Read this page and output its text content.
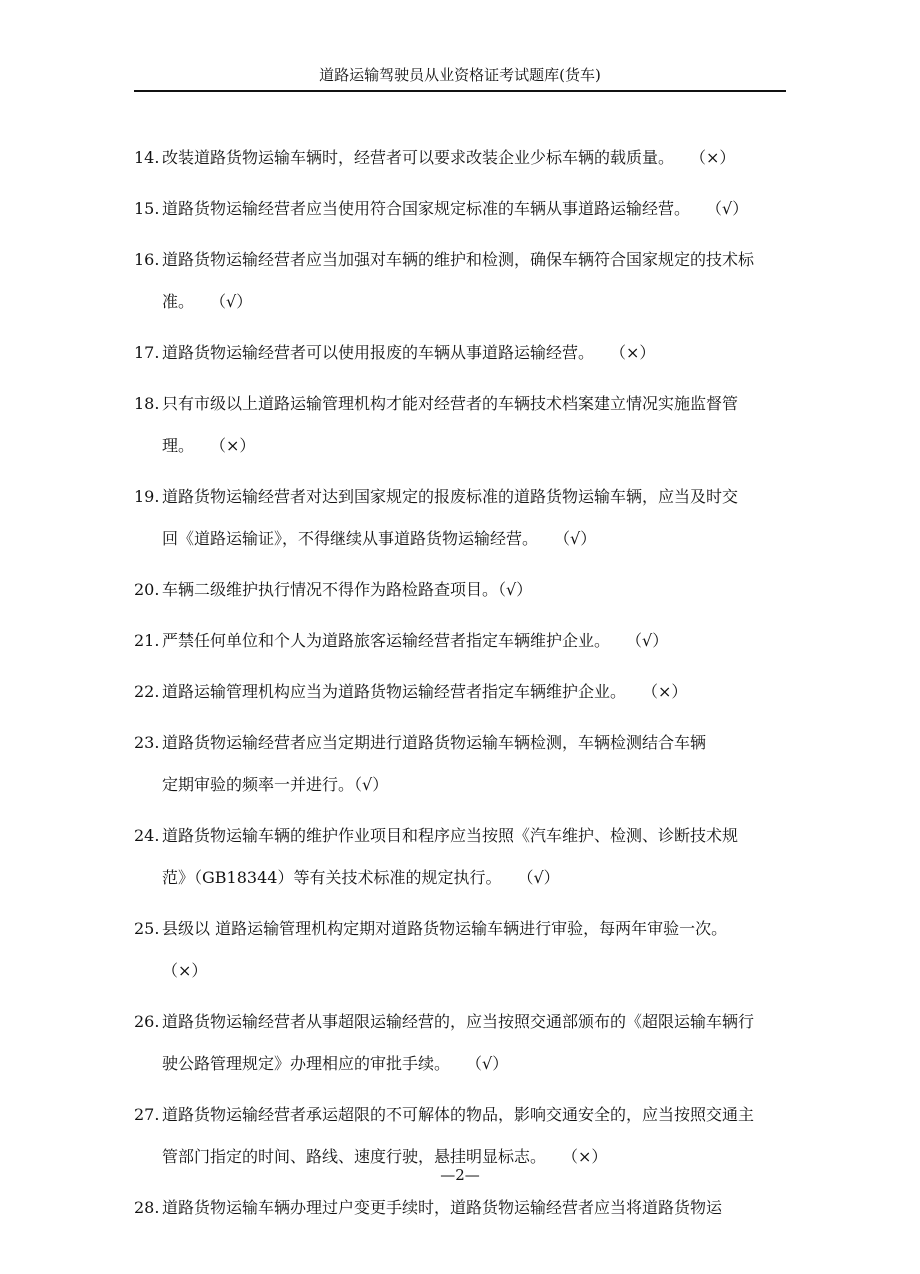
道路运输驾驶员从业资格证考试题库(货车)
14. 改装道路货物运输车辆时，经营者可以要求改装企业少标车辆的载质量。 （×）
15. 道路货物运输经营者应当使用符合国家规定标准的车辆从事道路运输经营。 （√）
16. 道路货物运输经营者应当加强对车辆的维护和检测，确保车辆符合国家规定的技术标
准。 （√）
17. 道路货物运输经营者可以使用报废的车辆从事道路运输经营。 （×）
18. 只有市级以上道路运输管理机构才能对经营者的车辆技术档案建立情况实施监督管
理。 （×）
19. 道路货物运输经营者对达到国家规定的报废标准的道路货物运输车辆，应当及时交
回《道路运输证》，不得继续从事道路货物运输经营。 （√）
20. 车辆二级维护执行情况不得作为路检路查项目。（√）
21. 严禁任何单位和个人为道路旅客运输经营者指定车辆维护企业。 （√）
22. 道路运输管理机构应当为道路货物运输经营者指定车辆维护企业。 （×）
23. 道路货物运输经营者应当定期进行道路货物运输车辆检测，车辆检测结合车辆
定期审验的频率一并进行。（√）
24. 道路货物运输车辆的维护作业项目和程序应当按照《汽车维护、检测、诊断技术规
范》（GB18344）等有关技术标准的规定执行。 （√）
25. 县级以 道路运输管理机构定期对道路货物运输车辆进行审验，每两年审验一次。
（×）
26. 道路货物运输经营者从事超限运输经营的，应当按照交通部颁布的《超限运输车辆行
驶公路管理规定》办理相应的审批手续。 （√）
27. 道路货物运输经营者承运超限的不可解体的物品，影响交通安全的，应当按照交通主
管部门指定的时间、路线、速度行驶，悬挂明显标志。 （×）
28. 道路货物运输车辆办理过户变更手续时，道路货物运输经营者应当将道路货物运
—2—
